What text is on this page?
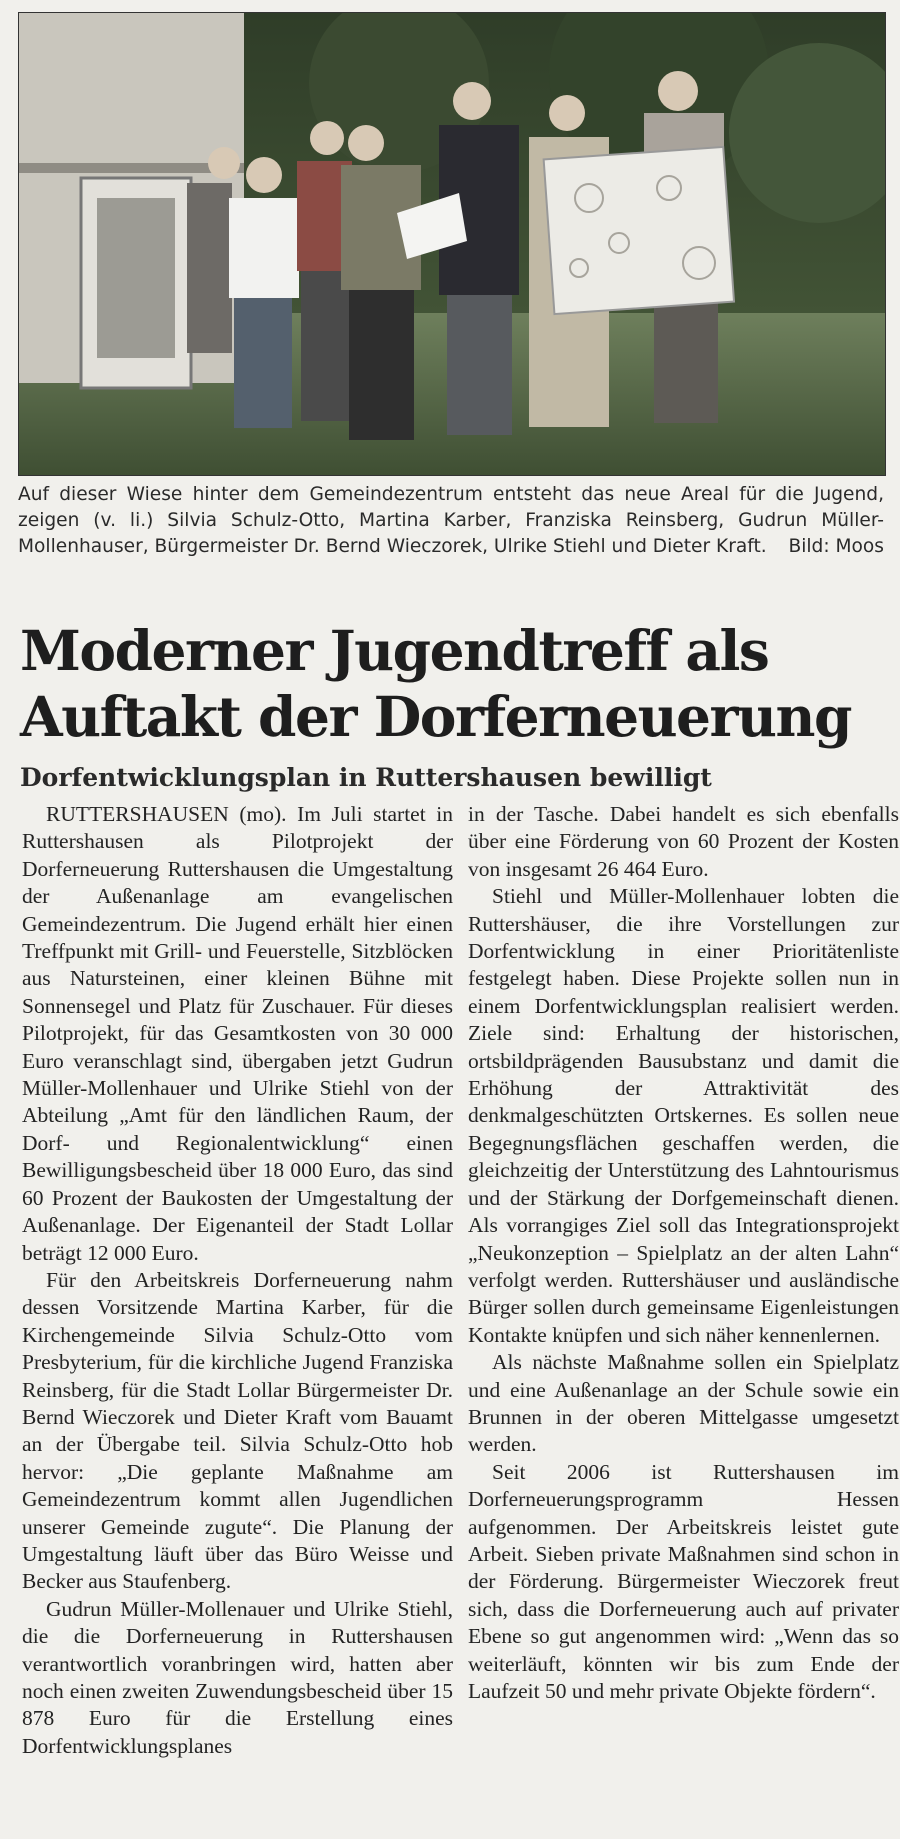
Auf dieser Wiese hinter dem Gemeindezentrum entsteht das neue Areal für die Jugend, zeigen (v. li.) Silvia Schulz-Otto, Martina Karber, Franziska Reinsberg, Gudrun Müller-Mollenhauser, Bürgermeister Dr. Bernd Wieczorek, Ulrike Stiehl und Dieter Kraft. Bild: Moos
Moderner Jugendtreff als Auftakt der Dorferneuerung
Dorfentwicklungsplan in Ruttershausen bewilligt

RUTTERSHAUSEN (mo). Im Juli startet in Ruttershausen als Pilotprojekt der Dorferneuerung Ruttershausen die Umgestaltung der Außenanlage am evangelischen Gemeindezentrum. Die Jugend erhält hier einen Treffpunkt mit Grill- und Feuerstelle, Sitzblöcken aus Natursteinen, einer kleinen Bühne mit Sonnensegel und Platz für Zuschauer. Für dieses Pilotprojekt, für das Gesamtkosten von 30 000 Euro veranschlagt sind, übergaben jetzt Gudrun Müller-Mollenhauer und Ulrike Stiehl von der Abteilung „Amt für den ländlichen Raum, der Dorf- und Regionalentwicklung“ einen Bewilligungsbescheid über 18 000 Euro, das sind 60 Prozent der Baukosten der Umgestaltung der Außenanlage. Der Eigenanteil der Stadt Lollar beträgt 12 000 Euro.

Für den Arbeitskreis Dorferneuerung nahm dessen Vorsitzende Martina Karber, für die Kirchengemeinde Silvia Schulz-Otto vom Presbyterium, für die kirchliche Jugend Franziska Reinsberg, für die Stadt Lollar Bürgermeister Dr. Bernd Wieczorek und Dieter Kraft vom Bauamt an der Übergabe teil. Silvia Schulz-Otto hob hervor: „Die geplante Maßnahme am Gemeindezentrum kommt allen Jugendlichen unserer Gemeinde zugute“. Die Planung der Umgestaltung läuft über das Büro Weisse und Becker aus Staufenberg.

Gudrun Müller-Mollenauer und Ulrike Stiehl, die die Dorferneuerung in Ruttershausen verantwortlich voranbringen wird, hatten aber noch einen zweiten Zuwendungsbescheid über 15 878 Euro für die Erstellung eines Dorfentwicklungsplanes

in der Tasche. Dabei handelt es sich ebenfalls über eine Förderung von 60 Prozent der Kosten von insgesamt 26 464 Euro.

Stiehl und Müller-Mollenhauer lobten die Ruttershäuser, die ihre Vorstellungen zur Dorfentwicklung in einer Prioritätenliste festgelegt haben. Diese Projekte sollen nun in einem Dorfentwicklungsplan realisiert werden. Ziele sind: Erhaltung der historischen, ortsbildprägenden Bausubstanz und damit die Erhöhung der Attraktivität des denkmalgeschützten Ortskernes. Es sollen neue Begegnungsflächen geschaffen werden, die gleichzeitig der Unterstützung des Lahntourismus und der Stärkung der Dorfgemeinschaft dienen. Als vorrangiges Ziel soll das Integrationsprojekt „Neukonzeption – Spielplatz an der alten Lahn“ verfolgt werden. Ruttershäuser und ausländische Bürger sollen durch gemeinsame Eigenleistungen Kontakte knüpfen und sich näher kennenlernen.

Als nächste Maßnahme sollen ein Spielplatz und eine Außenanlage an der Schule sowie ein Brunnen in der oberen Mittelgasse umgesetzt werden.

Seit 2006 ist Ruttershausen im Dorferneuerungsprogramm Hessen aufgenommen. Der Arbeitskreis leistet gute Arbeit. Sieben private Maßnahmen sind schon in der Förderung. Bürgermeister Wieczorek freut sich, dass die Dorferneuerung auch auf privater Ebene so gut angenommen wird: „Wenn das so weiterläuft, könnten wir bis zum Ende der Laufzeit 50 und mehr private Objekte fördern“.
